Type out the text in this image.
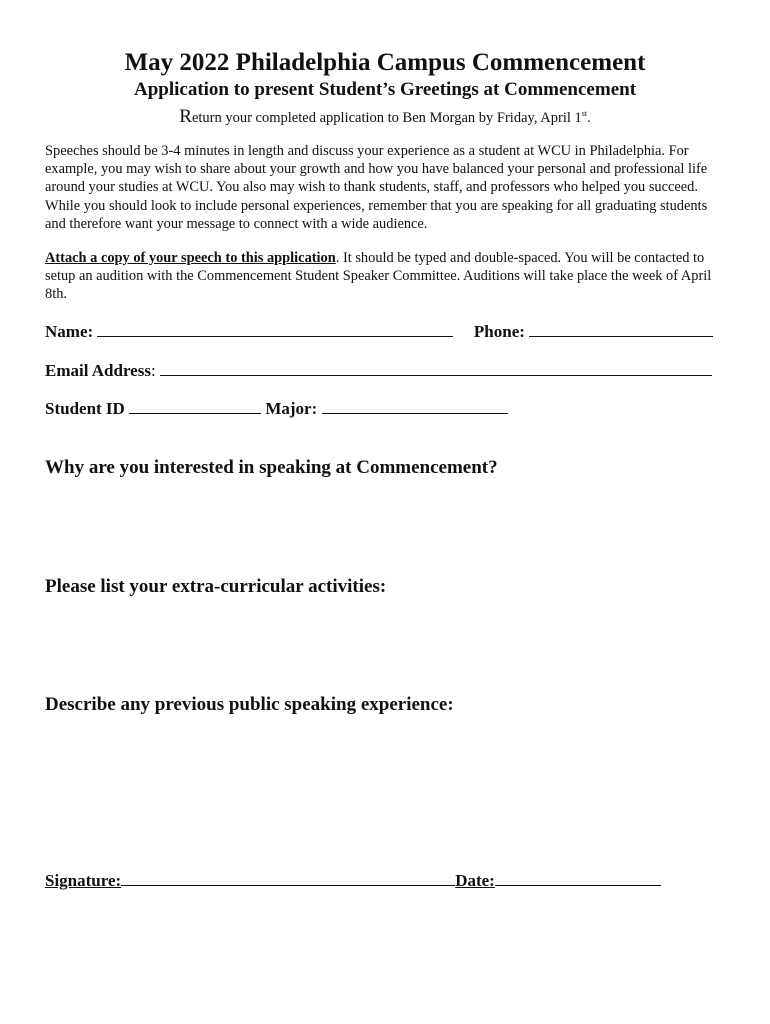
May 2022 Philadelphia Campus Commencement
Application to present Student’s Greetings at Commencement
Return your completed application to Ben Morgan by Friday, April 1st.

Speeches should be 3-4 minutes in length and discuss your experience as a student at WCU in Philadelphia. For example, you may wish to share about your growth and how you have balanced your personal and professional life around your studies at WCU. You also may wish to thank students, staff, and professors who helped you succeed. While you should look to include personal experiences, remember that you are speaking for all graduating students and therefore want your message to connect with a wide audience.

Attach a copy of your speech to this application. It should be typed and double-spaced. You will be contacted to setup an audition with the Commencement Student Speaker Committee. Auditions will take place the week of April 8th.

Name:	Phone:
Email Address:
Student ID	Major:
Why are you interested in speaking at Commencement?
Please list your extra-curricular activities:
Describe any previous public speaking experience:
Signature:	Date:
